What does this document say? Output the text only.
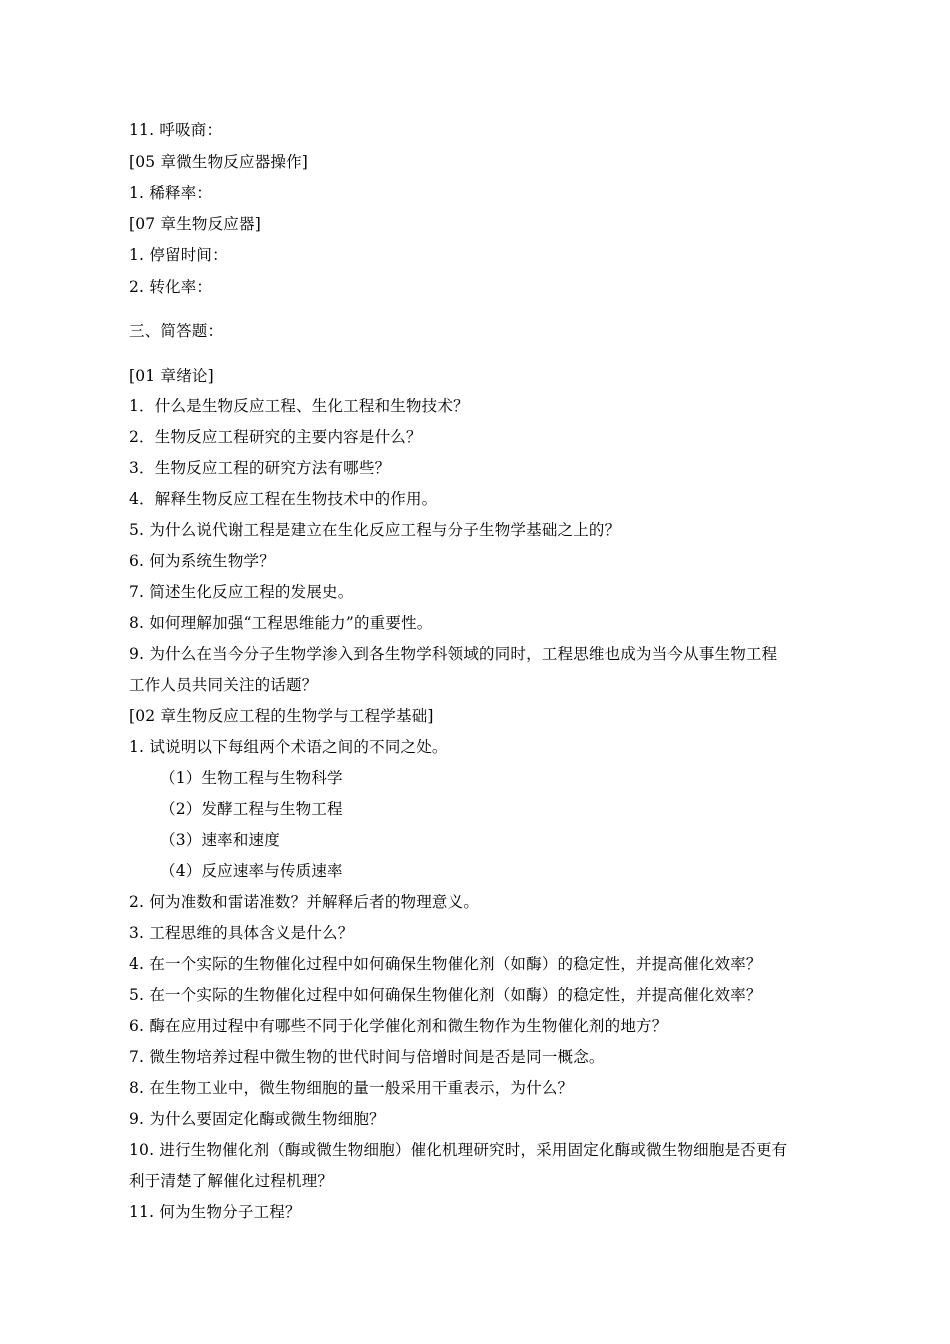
11. 呼吸商：
[05 章微生物反应器操作]
1. 稀释率：
[07 章生物反应器]
1. 停留时间：
2. 转化率：
三、简答题：
[01 章绪论]
1．什么是生物反应工程、生化工程和生物技术？
2．生物反应工程研究的主要内容是什么？
3．生物反应工程的研究方法有哪些？
4．解释生物反应工程在生物技术中的作用。
5. 为什么说代谢工程是建立在生化反应工程与分子生物学基础之上的？
6. 何为系统生物学？
7. 简述生化反应工程的发展史。
8. 如何理解加强“工程思维能力”的重要性。
9. 为什么在当今分子生物学渗入到各生物学科领域的同时，工程思维也成为当今从事生物工程
工作人员共同关注的话题？
[02 章生物反应工程的生物学与工程学基础]
1. 试说明以下每组两个术语之间的不同之处。
（1）生物工程与生物科学
（2）发酵工程与生物工程
（3）速率和速度
（4）反应速率与传质速率
2. 何为准数和雷诺准数？并解释后者的物理意义。
3. 工程思维的具体含义是什么？
4. 在一个实际的生物催化过程中如何确保生物催化剂（如酶）的稳定性，并提高催化效率？
5. 在一个实际的生物催化过程中如何确保生物催化剂（如酶）的稳定性，并提高催化效率？
6. 酶在应用过程中有哪些不同于化学催化剂和微生物作为生物催化剂的地方？
7. 微生物培养过程中微生物的世代时间与倍增时间是否是同一概念。
8. 在生物工业中，微生物细胞的量一般采用干重表示，为什么？
9. 为什么要固定化酶或微生物细胞？
10. 进行生物催化剂（酶或微生物细胞）催化机理研究时，采用固定化酶或微生物细胞是否更有
利于清楚了解催化过程机理？
11. 何为生物分子工程？
